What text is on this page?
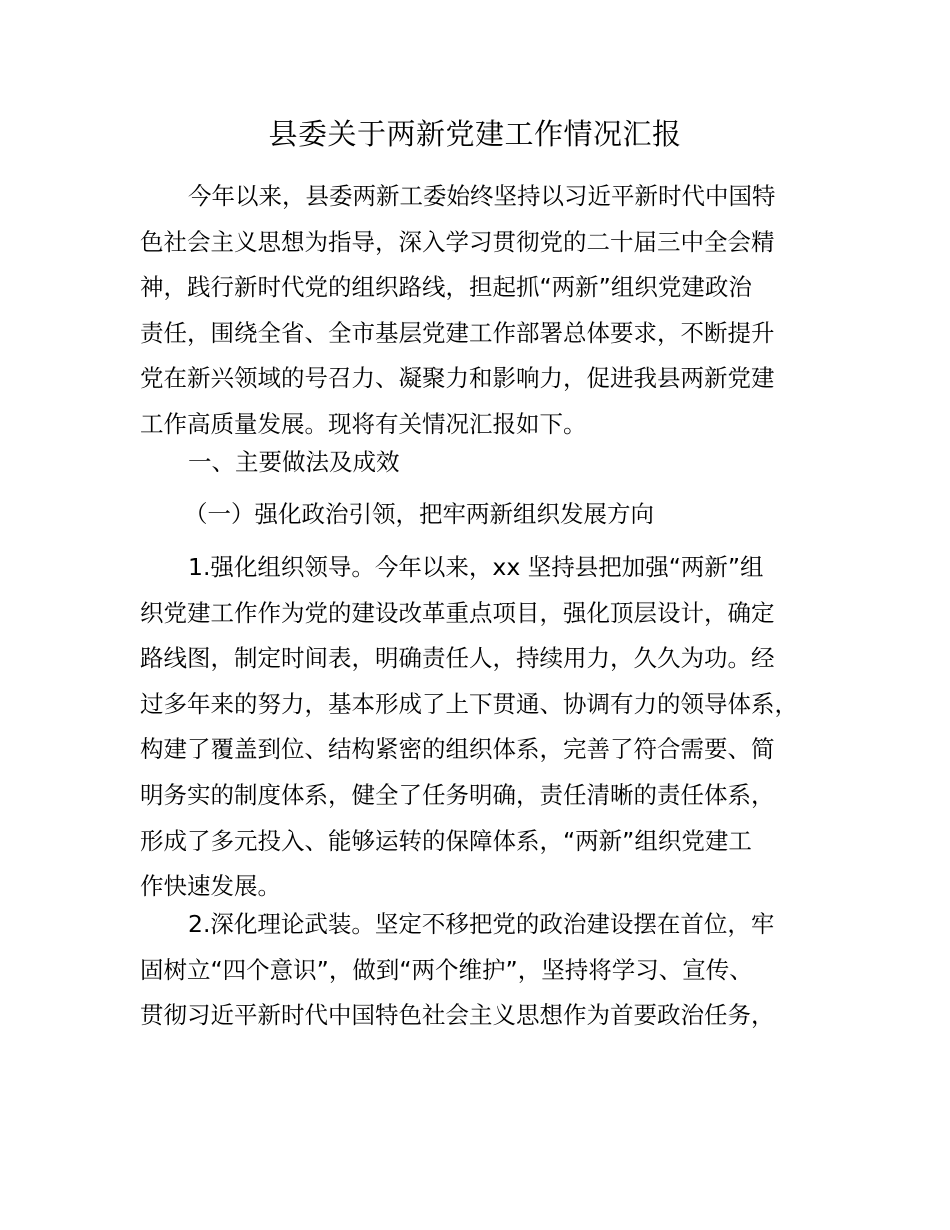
县委关于两新党建工作情况汇报
今年以来，县委两新工委始终坚持以习近平新时代中国特
色社会主义思想为指导，深入学习贯彻党的二十届三中全会精
神，践行新时代党的组织路线，担起抓“两新”组织党建政治
责任，围绕全省、全市基层党建工作部署总体要求，不断提升
党在新兴领域的号召力、凝聚力和影响力，促进我县两新党建
工作高质量发展。现将有关情况汇报如下。
一、主要做法及成效
（一）强化政治引领，把牢两新组织发展方向
1.强化组织领导。今年以来，xx 坚持县把加强“两新”组
织党建工作作为党的建设改革重点项目，强化顶层设计，确定
路线图，制定时间表，明确责任人，持续用力，久久为功。经
过多年来的努力，基本形成了上下贯通、协调有力的领导体系，
构建了覆盖到位、结构紧密的组织体系，完善了符合需要、简
明务实的制度体系，健全了任务明确，责任清晰的责任体系，
形成了多元投入、能够运转的保障体系，“两新”组织党建工
作快速发展。
2.深化理论武装。坚定不移把党的政治建设摆在首位，牢
固树立“四个意识”，做到“两个维护”，坚持将学习、宣传、
贯彻习近平新时代中国特色社会主义思想作为首要政治任务，
